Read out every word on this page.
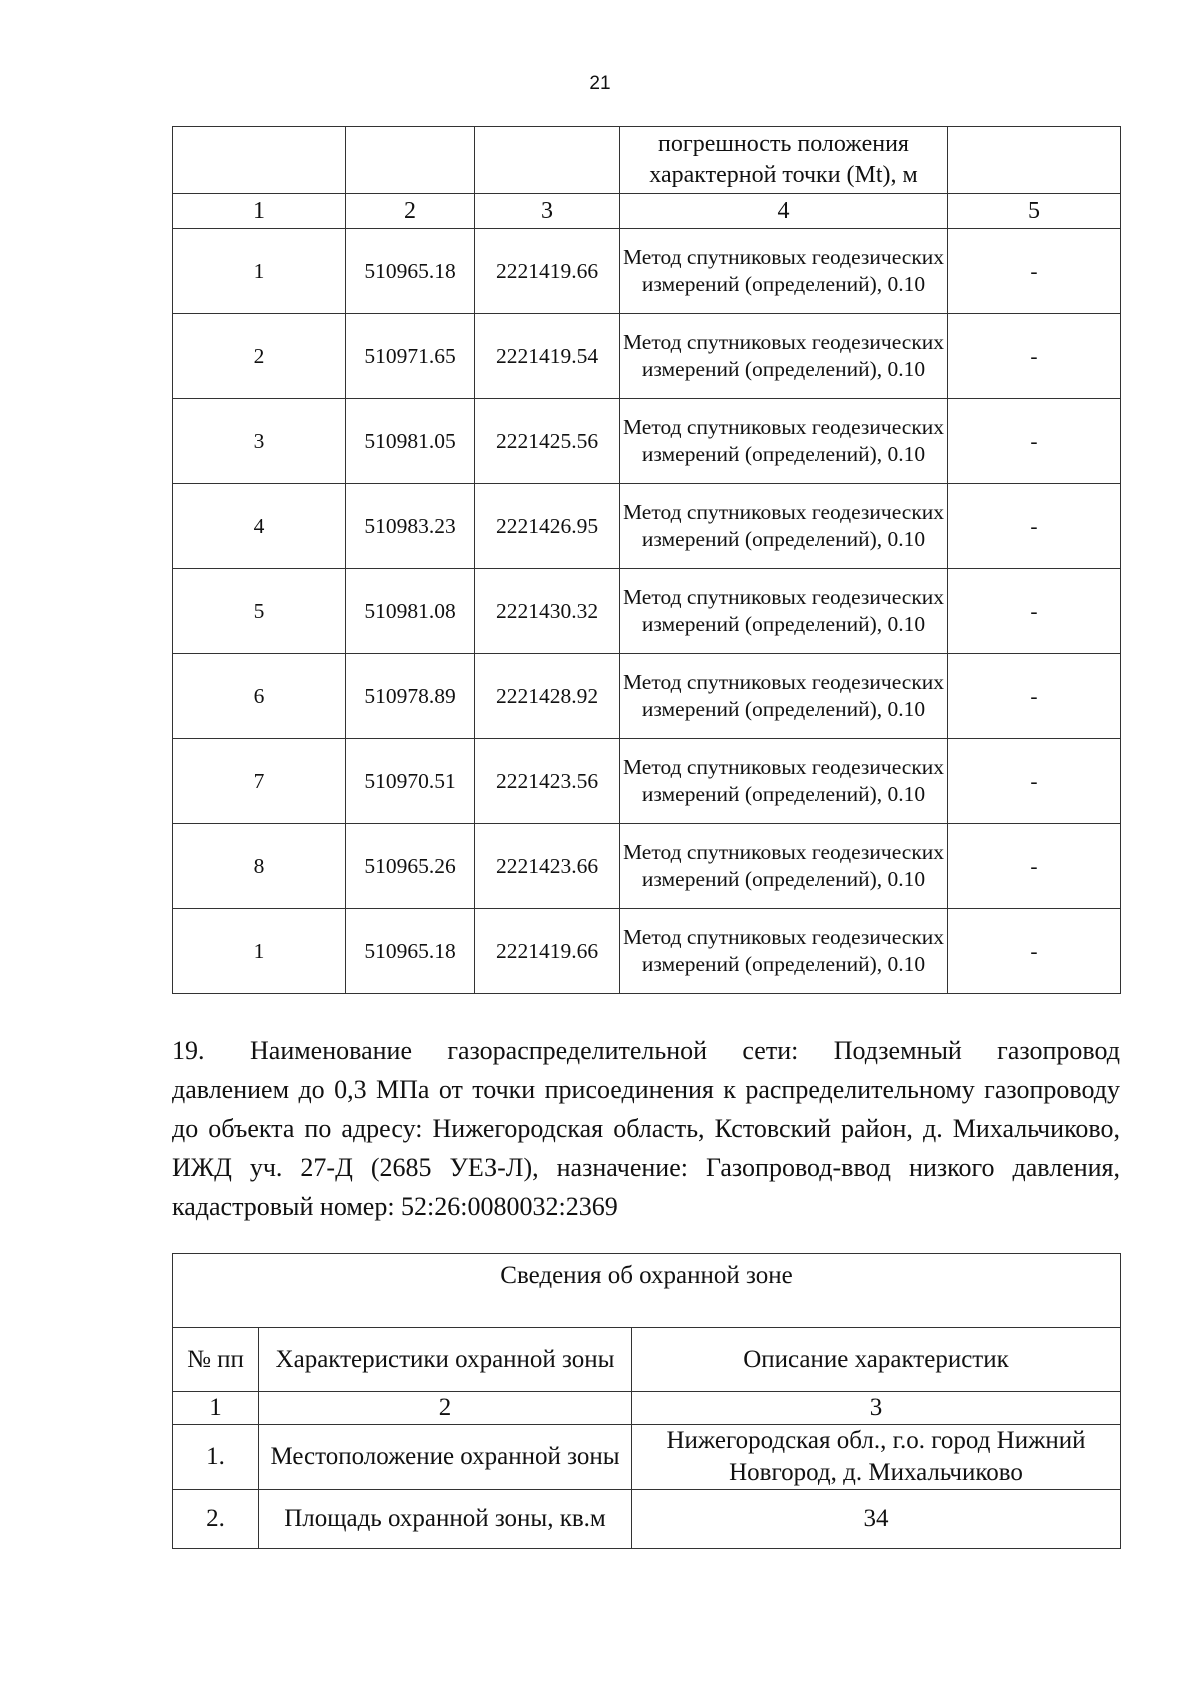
21
			погрешность положения характерной точки (Mt), м	
1	2	3	4	5
1	510965.18	2221419.66	Метод спутниковых геодезических измерений (определений), 0.10	-
2	510971.65	2221419.54	Метод спутниковых геодезических измерений (определений), 0.10	-
3	510981.05	2221425.56	Метод спутниковых геодезических измерений (определений), 0.10	-
4	510983.23	2221426.95	Метод спутниковых геодезических измерений (определений), 0.10	-
5	510981.08	2221430.32	Метод спутниковых геодезических измерений (определений), 0.10	-
6	510978.89	2221428.92	Метод спутниковых геодезических измерений (определений), 0.10	-
7	510970.51	2221423.56	Метод спутниковых геодезических измерений (определений), 0.10	-
8	510965.26	2221423.66	Метод спутниковых геодезических измерений (определений), 0.10	-
1	510965.18	2221419.66	Метод спутниковых геодезических измерений (определений), 0.10	-
19. Наименование газораспределительной сети: Подземный газопровод давлением до 0,3 МПа от точки присоединения к распределительному газопроводу до объекта по адресу: Нижегородская область, Кстовский район, д. Михальчиково, ИЖД уч. 27-Д (2685 УЕЗ-Л), назначение: Газопровод-ввод низкого давления, кадастровый номер: 52:26:0080032:2369
Сведения об охранной зоне		
№ пп	Характеристики охранной зоны	Описание характеристик
1	2	3
1.	Местоположение охранной зоны	Нижегородская обл., г.о. город Нижний Новгород, д. Михальчиково
2.	Площадь охранной зоны, кв.м	34
